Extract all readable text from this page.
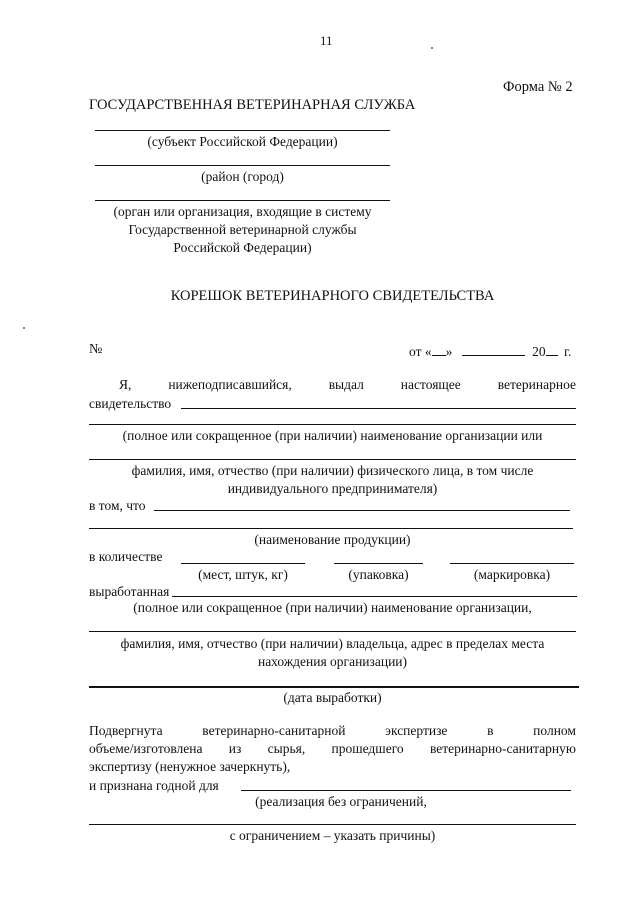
11
Форма № 2
ГОСУДАРСТВЕННАЯ ВЕТЕРИНАРНАЯ СЛУЖБА
(субъект Российской Федерации)
(район (город)
(орган или организация, входящие в систему
Государственной ветеринарной службы
Российской Федерации)
КОРЕШОК ВЕТЕРИНАРНОГО СВИДЕТЕЛЬСТВА
№	от « »	20 г.
Я,	нижеподписавшийся,	выдал	настоящее	ветеринарное
свидетельство
(полное или сокращенное (при наличии) наименование организации или
фамилия, имя, отчество (при наличии) физического лица, в том числе
индивидуального предпринимателя)
в том, что
(наименование продукции)
в количестве
(мест, штук, кг)	(упаковка)	(маркировка)
выработанная
(полное или сокращенное (при наличии) наименование организации,
фамилия, имя, отчество (при наличии) владельца, адрес в пределах места
нахождения организации)
(дата выработки)
Подвергнута	ветеринарно-санитарной	экспертизе	в	полном
объеме/изготовлена из сырья, прошедшего ветеринарно-санитарную
экспертизу (ненужное зачеркнуть),
и признана годной для
(реализация без ограничений,
с ограничением – указать причины)
